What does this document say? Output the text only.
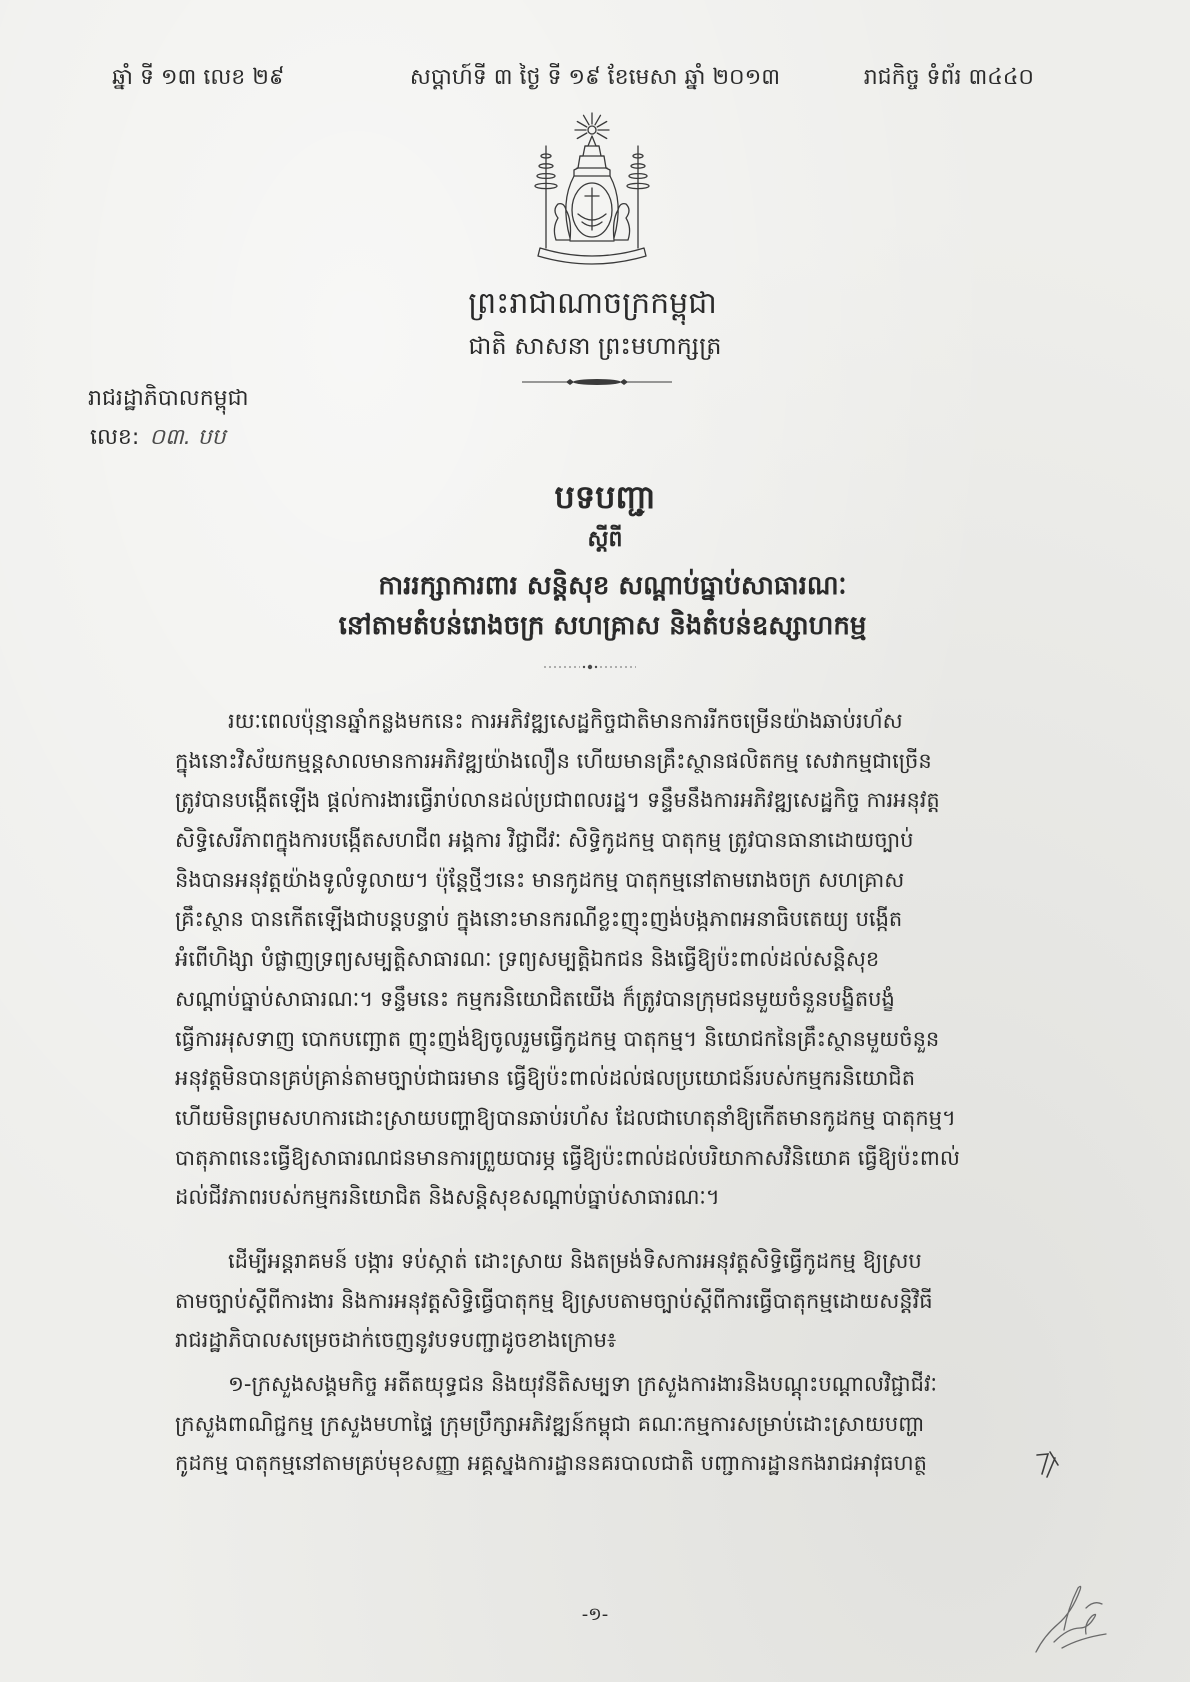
ឆ្នាំ ទី ១៣ លេខ ២៩	សប្តាហ៍ទី ៣ ថ្ងៃ ទី ១៩ ខែមេសា ឆ្នាំ ២០១៣	រាជកិច្ច ទំព័រ ៣៤៤០
ព្រះរាជាណាចក្រកម្ពុជា
ជាតិ សាសនា ព្រះមហាក្សត្រ
រាជរដ្ឋាភិបាលកម្ពុជា
លេខ: ០៣. បប
បទបញ្ជា
ស្តីពី
ការរក្សាការពារ សន្តិសុខ សណ្តាប់ធ្នាប់សាធារណៈ
នៅតាមតំបន់រោងចក្រ សហគ្រាស និងតំបន់ឧស្សាហកម្ម
រយៈពេលប៉ុន្មានឆ្នាំកន្លងមកនេះ ការអភិវឌ្ឍសេដ្ឋកិច្ចជាតិមានការរីកចម្រើនយ៉ាងឆាប់រហ័ស
ក្នុងនោះវិស័យកម្មន្តសាលមានការអភិវឌ្ឍយ៉ាងលឿន ហើយមានគ្រឹះស្ថានផលិតកម្ម សេវាកម្មជាច្រើន
ត្រូវបានបង្កើតឡើង ផ្តល់ការងារធ្វើរាប់លានដល់ប្រជាពលរដ្ឋ។ ទន្ទឹមនឹងការអភិវឌ្ឍសេដ្ឋកិច្ច ការអនុវត្ត
សិទ្ធិសេរីភាពក្នុងការបង្កើតសហជីព អង្គការ វិជ្ជាជីវៈ សិទ្ធិកូដកម្ម បាតុកម្ម ត្រូវបានធានាដោយច្បាប់
និងបានអនុវត្តយ៉ាងទូលំទូលាយ។ ប៉ុន្តែថ្មីៗនេះ មានកូដកម្ម បាតុកម្មនៅតាមរោងចក្រ សហគ្រាស
គ្រឹះស្ថាន បានកើតឡើងជាបន្តបន្ទាប់ ក្នុងនោះមានករណីខ្លះញុះញង់បង្កភាពអនាធិបតេយ្យ បង្កើត
អំពើហិង្សា បំផ្លាញទ្រព្យសម្បត្តិសាធារណៈ ទ្រព្យសម្បត្តិឯកជន និងធ្វើឱ្យប៉ះពាល់ដល់សន្តិសុខ
សណ្តាប់ធ្នាប់សាធារណៈ។ ទន្ទឹមនេះ កម្មករនិយោជិតយើង ក៏ត្រូវបានក្រុមជនមួយចំនួនបង្ខិតបង្ខំ
ធ្វើការអុសទាញ បោកបញ្ឆោត ញុះញង់ឱ្យចូលរួមធ្វើកូដកម្ម បាតុកម្ម។ និយោជកនៃគ្រឹះស្ថានមួយចំនួន
អនុវត្តមិនបានគ្រប់គ្រាន់តាមច្បាប់ជាធរមាន ធ្វើឱ្យប៉ះពាល់ដល់ផលប្រយោជន៍របស់កម្មករនិយោជិត
ហើយមិនព្រមសហការដោះស្រាយបញ្ហាឱ្យបានឆាប់រហ័ស ដែលជាហេតុនាំឱ្យកើតមានកូដកម្ម បាតុកម្ម។
បាតុភាពនេះធ្វើឱ្យសាធារណជនមានការព្រួយបារម្ភ ធ្វើឱ្យប៉ះពាល់ដល់បរិយាកាសវិនិយោគ ធ្វើឱ្យប៉ះពាល់
ដល់ជីវភាពរបស់កម្មករនិយោជិត និងសន្តិសុខសណ្តាប់ធ្នាប់សាធារណៈ។
ដើម្បីអន្តរាគមន៍ បង្ការ ទប់ស្កាត់ ដោះស្រាយ និងតម្រង់ទិសការអនុវត្តសិទ្ធិធ្វើកូដកម្ម ឱ្យស្រប
តាមច្បាប់ស្តីពីការងារ និងការអនុវត្តសិទ្ធិធ្វើបាតុកម្ម ឱ្យស្របតាមច្បាប់ស្តីពីការធ្វើបាតុកម្មដោយសន្តិវិធី
រាជរដ្ឋាភិបាលសម្រេចដាក់ចេញនូវបទបញ្ជាដូចខាងក្រោម៖
១-ក្រសួងសង្គមកិច្ច អតីតយុទ្ធជន និងយុវនីតិសម្បទា ក្រសួងការងារនិងបណ្តុះបណ្តាលវិជ្ជាជីវៈ
ក្រសួងពាណិជ្ជកម្ម ក្រសួងមហាផ្ទៃ ក្រុមប្រឹក្សាអភិវឌ្ឍន៍កម្ពុជា គណៈកម្មការសម្រាប់ដោះស្រាយបញ្ហា
កូដកម្ម បាតុកម្មនៅតាមគ្រប់មុខសញ្ញា អគ្គស្នងការដ្ឋាននគរបាលជាតិ បញ្ជាការដ្ឋានកងរាជអាវុធហត្ថ
-១-
